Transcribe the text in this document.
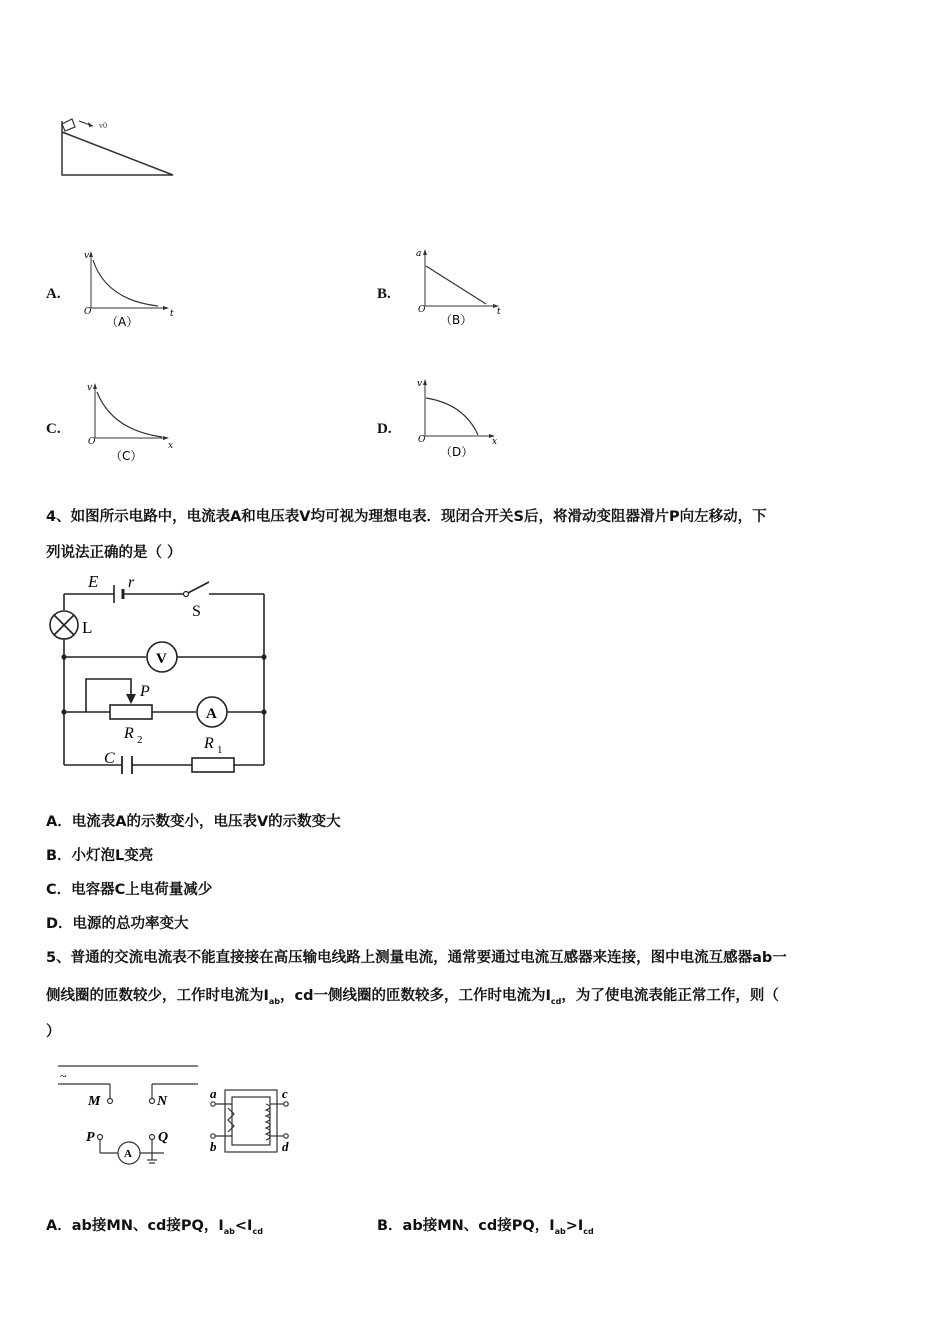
v0
A.
v
O	t
（A）
B.
a
O	t
（B）
C.
v
O	x
（C）
D.
v
O	x
（D）
4、如图所示电路中，电流表A和电压表V均可视为理想电表．现闭合开关S后，将滑动变阻器滑片P向左移动，下
列说法正确的是（ ）
E r
S
L
V
P
A
R 2	R 1
C
A．电流表A的示数变小，电压表V的示数变大
B．小灯泡L变亮
C．电容器C上电荷量减少
D．电源的总功率变大
5、普通的交流电流表不能直接接在高压输电线路上测量电流，通常要通过电流互感器来连接，图中电流互感器ab一
侧线圈的匝数较少，工作时电流为$I_{ab}$，cd一侧线圈的匝数较多，工作时电流为$I_{cd}$，为了使电流表能正常工作，则（
）
~
M	N
P	Q
A
a
b
c
d
A．ab接MN、cd接PQ，$I_{ab}<I_{cd}$	B．ab接MN、cd接PQ，$I_{ab}>I_{cd}$
